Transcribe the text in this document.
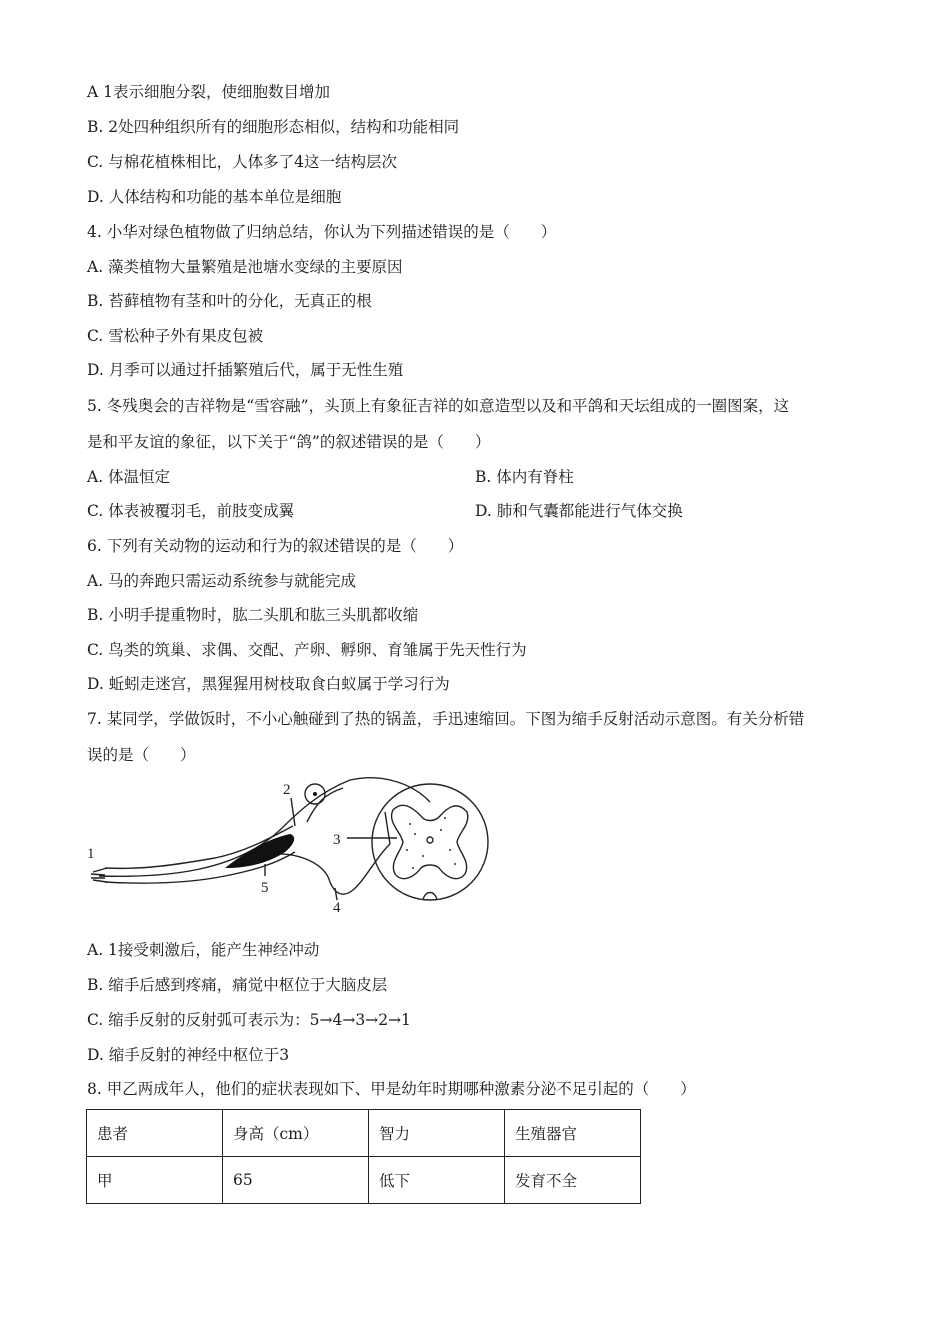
A 1表示细胞分裂，使细胞数目增加
B. 2处四种组织所有的细胞形态相似，结构和功能相同
C. 与棉花植株相比，人体多了4这一结构层次
D. 人体结构和功能的基本单位是细胞
4. 小华对绿色植物做了归纳总结，你认为下列描述错误的是（　　）
A. 藻类植物大量繁殖是池塘水变绿的主要原因
B. 苔藓植物有茎和叶的分化，无真正的根
C. 雪松种子外有果皮包被
D. 月季可以通过扦插繁殖后代，属于无性生殖
5. 冬残奥会的吉祥物是“雪容融”，头顶上有象征吉祥的如意造型以及和平鸽和天坛组成的一圈图案，这
是和平友谊的象征，以下关于“鸽”的叙述错误的是（　　）
A. 体温恒定	B. 体内有脊柱
C. 体表被覆羽毛，前肢变成翼	D. 肺和气囊都能进行气体交换
6. 下列有关动物的运动和行为的叙述错误的是（　　）
A. 马的奔跑只需运动系统参与就能完成
B. 小明手提重物时，肱二头肌和肱三头肌都收缩
C. 鸟类的筑巢、求偶、交配、产卵、孵卵、育雏属于先天性行为
D. 蚯蚓走迷宫，黑猩猩用树枝取食白蚁属于学习行为
7. 某同学，学做饭时，不小心触碰到了热的锅盖，手迅速缩回。下图为缩手反射活动示意图。有关分析错
误的是（　　）
1
2
3
5
4
A. 1接受刺激后，能产生神经冲动
B. 缩手后感到疼痛，痛觉中枢位于大脑皮层
C. 缩手反射的反射弧可表示为：5→4→3→2→1
D. 缩手反射的神经中枢位于3
8. 甲乙两成年人，他们的症状表现如下、甲是幼年时期哪种激素分泌不足引起的（　　）
患者	身高（cm）	智力	生殖器官
甲	65	低下	发育不全
